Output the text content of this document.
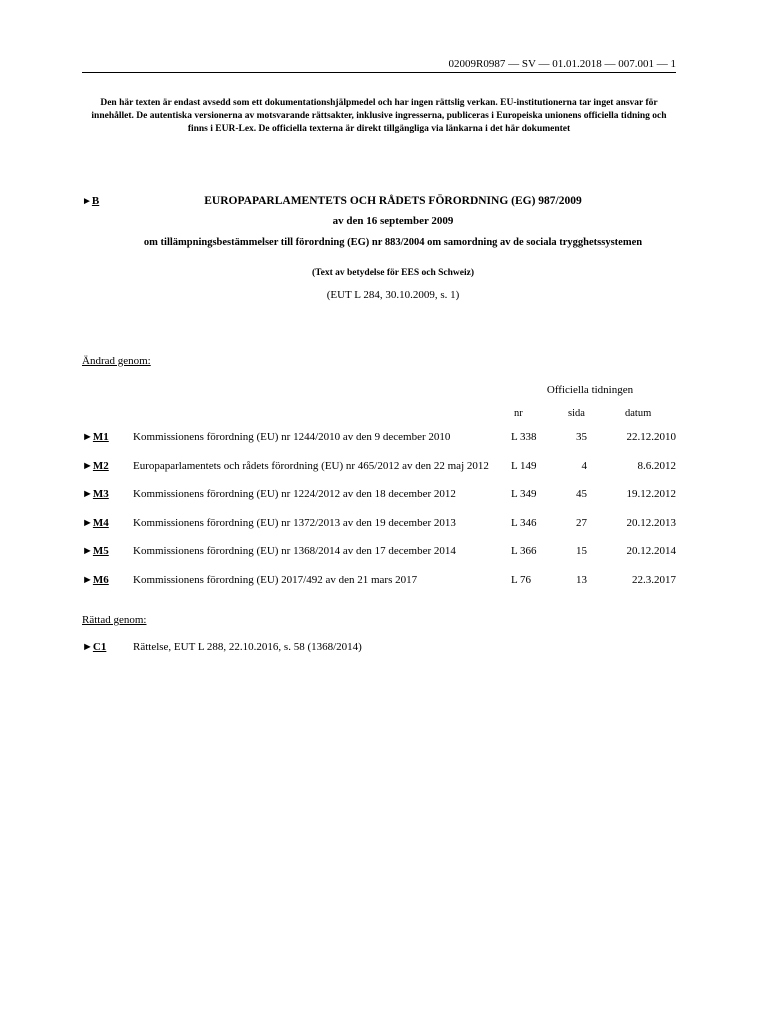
02009R0987 — SV — 01.01.2018 — 007.001 — 1
Den här texten är endast avsedd som ett dokumentationshjälpmedel och har ingen rättslig verkan. EU-institutionerna tar inget ansvar för innehållet. De autentiska versionerna av motsvarande rättsakter, inklusive ingresserna, publiceras i Europeiska unionens officiella tidning och finns i EUR-Lex. De officiella texterna är direkt tillgängliga via länkarna i det här dokumentet
►B	EUROPAPARLAMENTETS OCH RÅDETS FÖRORDNING (EG) 987/2009
av den 16 september 2009
om tillämpningsbestämmelser till förordning (EG) nr 883/2004 om samordning av de sociala trygghetssystemen
(Text av betydelse för EES och Schweiz)
(EUT L 284, 30.10.2009, s. 1)
Ändrad genom:
Officiella tidningen
nr	sida	datum
►M1 Kommissionens förordning (EU) nr 1244/2010 av den 9 december 2010	L 338	35	22.12.2010
►M2 Europaparlamentets och rådets förordning (EU) nr 465/2012 av den 22 maj 2012	L 149	4	8.6.2012
►M3 Kommissionens förordning (EU) nr 1224/2012 av den 18 december 2012	L 349	45	19.12.2012
►M4 Kommissionens förordning (EU) nr 1372/2013 av den 19 december 2013	L 346	27	20.12.2013
►M5 Kommissionens förordning (EU) nr 1368/2014 av den 17 december 2014	L 366	15	20.12.2014
►M6 Kommissionens förordning (EU) 2017/492 av den 21 mars 2017	L 76	13	22.3.2017
Rättad genom:
►C1 Rättelse, EUT L 288, 22.10.2016, s. 58 (1368/2014)
